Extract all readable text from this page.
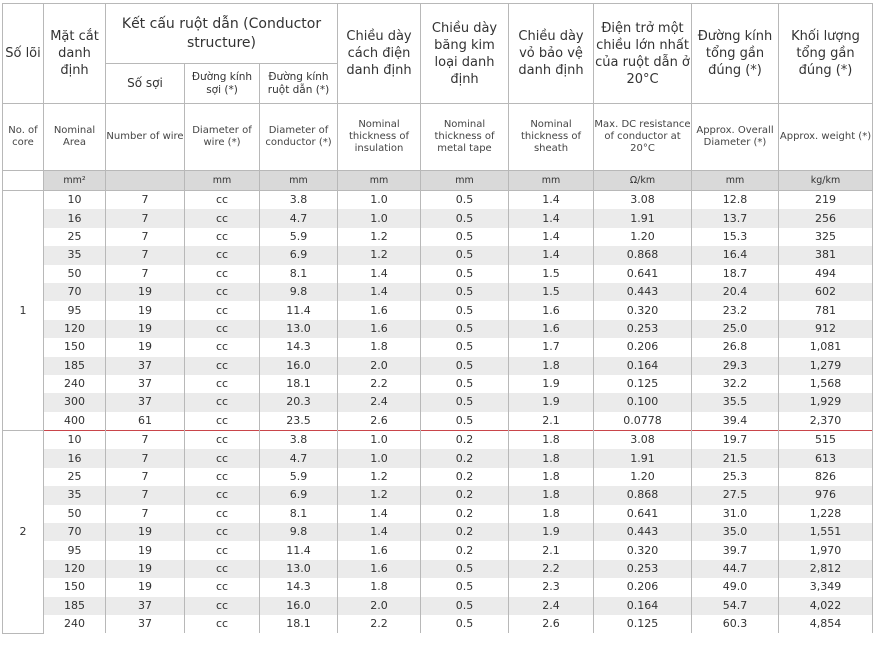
Số lõi	Mặt cắt danh định	Kết cấu ruột dẫn (Conductor structure)			Chiều dày cách điện danh định	Chiều dày băng kim loại danh định	Chiều dày vỏ bảo vệ danh định	Điện trở một chiều lớn nhất của ruột dẫn ở 20°C	Đường kính tổng gần đúng (*)	Khối lượng tổng gần đúng (*)
		Số sợi	Đường kính sợi (*)	Đường kính ruột dẫn (*)						
No. of core	Nominal Area	Number of wire	Diameter of wire (*)	Diameter of conductor (*)	Nominal thickness of insulation	Nominal thickness of metal tape	Nominal thickness of sheath	Max. DC resistance of conductor at 20°C	Approx. Overall Diameter (*)	Approx. weight (*)
	mm²		mm	mm	mm	mm	mm	Ω/km	mm	kg/km
1	10	7	cc	3.8	1.0	0.5	1.4	3.08	12.8	219
	16	7	cc	4.7	1.0	0.5	1.4	1.91	13.7	256
	25	7	cc	5.9	1.2	0.5	1.4	1.20	15.3	325
	35	7	cc	6.9	1.2	0.5	1.4	0.868	16.4	381
	50	7	cc	8.1	1.4	0.5	1.5	0.641	18.7	494
	70	19	cc	9.8	1.4	0.5	1.5	0.443	20.4	602
	95	19	cc	11.4	1.6	0.5	1.6	0.320	23.2	781
	120	19	cc	13.0	1.6	0.5	1.6	0.253	25.0	912
	150	19	cc	14.3	1.8	0.5	1.7	0.206	26.8	1,081
	185	37	cc	16.0	2.0	0.5	1.8	0.164	29.3	1,279
	240	37	cc	18.1	2.2	0.5	1.9	0.125	32.2	1,568
	300	37	cc	20.3	2.4	0.5	1.9	0.100	35.5	1,929
	400	61	cc	23.5	2.6	0.5	2.1	0.0778	39.4	2,370
2	10	7	cc	3.8	1.0	0.2	1.8	3.08	19.7	515
	16	7	cc	4.7	1.0	0.2	1.8	1.91	21.5	613
	25	7	cc	5.9	1.2	0.2	1.8	1.20	25.3	826
	35	7	cc	6.9	1.2	0.2	1.8	0.868	27.5	976
	50	7	cc	8.1	1.4	0.2	1.8	0.641	31.0	1,228
	70	19	cc	9.8	1.4	0.2	1.9	0.443	35.0	1,551
	95	19	cc	11.4	1.6	0.2	2.1	0.320	39.7	1,970
	120	19	cc	13.0	1.6	0.5	2.2	0.253	44.7	2,812
	150	19	cc	14.3	1.8	0.5	2.3	0.206	49.0	3,349
	185	37	cc	16.0	2.0	0.5	2.4	0.164	54.7	4,022
	240	37	cc	18.1	2.2	0.5	2.6	0.125	60.3	4,854
